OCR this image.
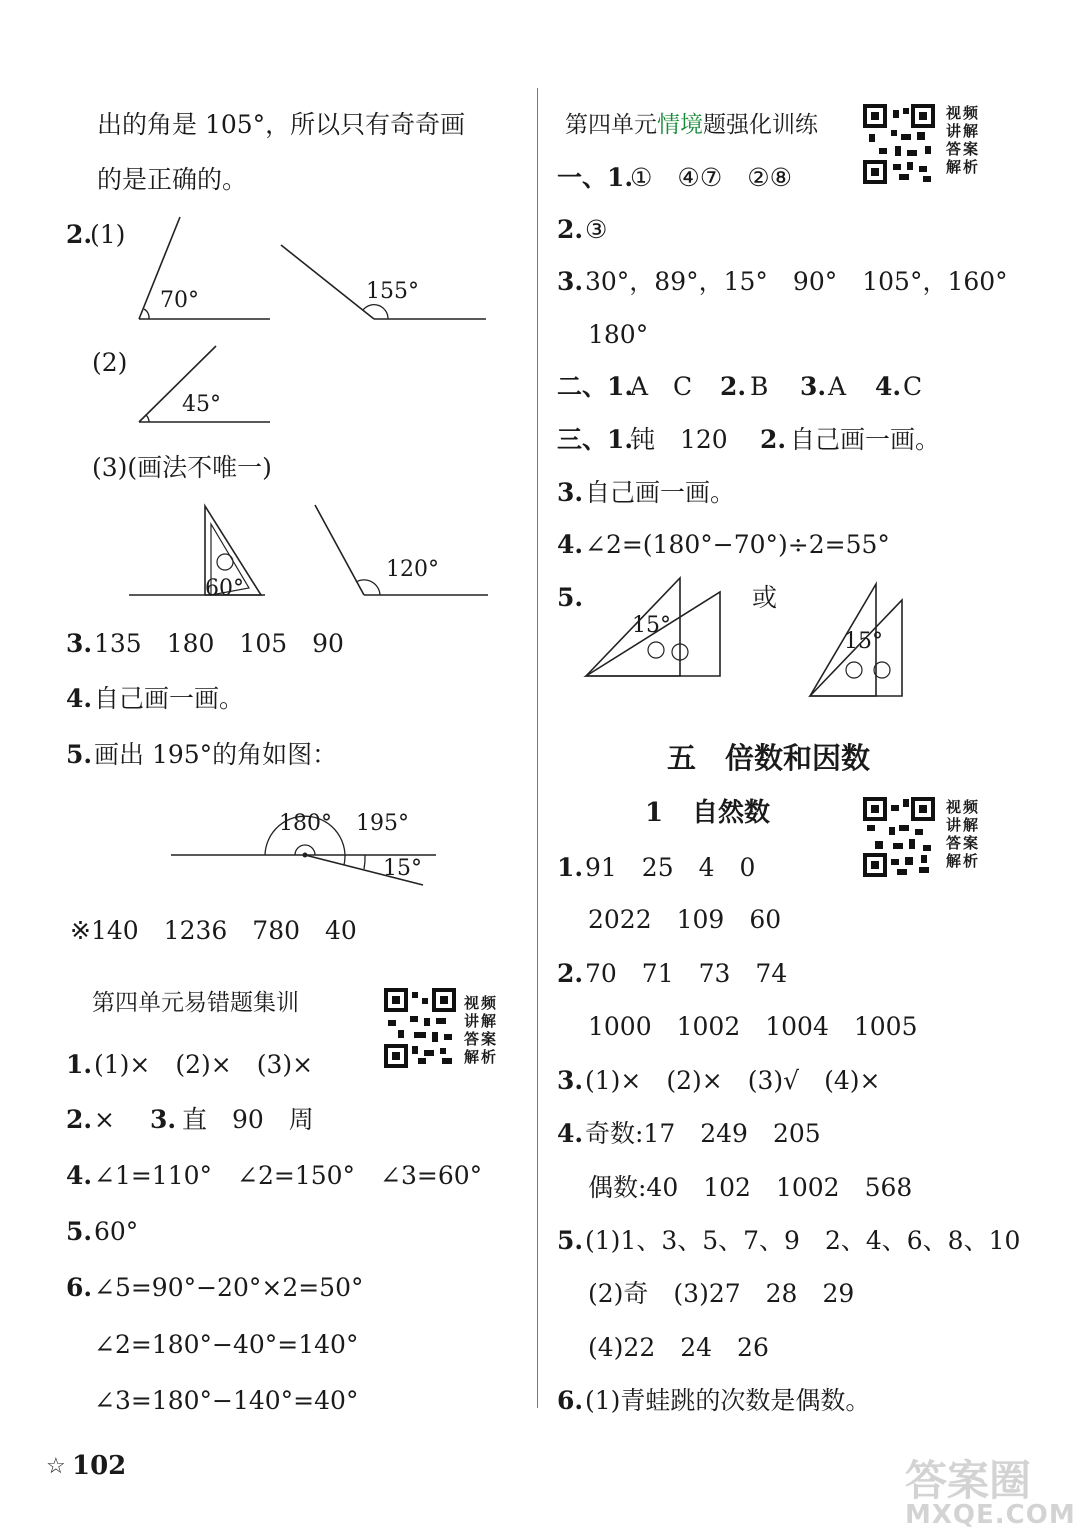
出的角是 105°，所以只有奇奇画
的是正确的。
2.
(1)
70°	155°
(2)
45°
(3)(画法不唯一)
60°
120°
3. 135　180　105　90
4. 自己画一画。
5. 画出 195°的角如图：
180° 195°
15°
※140　1236　780　40
第四单元易错题集训	视频讲解答案解析
1. (1)×　(2)×　(3)×
2. × 3. 直　90　周
4. ∠1=110°　∠2=150°　∠3=60°
5. 60°
6. ∠5=90°−20°×2=50°
∠2=180°−40°=140°
∠3=180°−140°=40°
☆ 102
第四单元情境题强化训练	视频讲解答案解析
一、1.
①　④⑦　②⑧
2. ③
3. 30°，89°，15°　90°　105°，160°
180°
二、1.
A　C 2. B 3. A 4. C
三、1.
钝　120 2. 自己画一画。
3. 自己画一画。
4. ∠2=(180°−70°)÷2=55°
5.	或
15°
15°
五　倍数和因数
1 自然数	视频讲解答案解析
1. 91　25　4　0
2022　109　60
2. 70　71　73　74
1000　1002　1004　1005
3. (1)×　(2)×　(3)√　(4)×
4. 奇数:17　249　205
偶数:40　102　1002　568
5. (1)1、3、5、7、9　2、4、6、8、10
(2)奇　(3)27　28　29
(4)22　24　26
6. (1)青蛙跳的次数是偶数。
答案圈
MXQE.COM
